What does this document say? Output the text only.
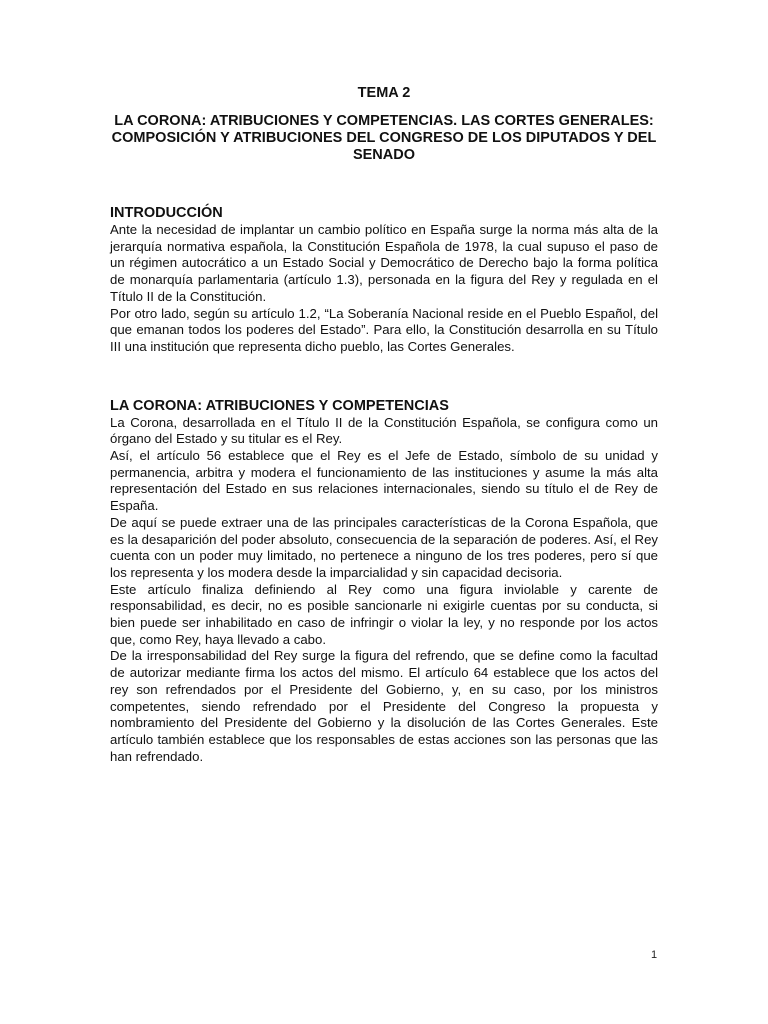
TEMA 2
LA CORONA: ATRIBUCIONES Y COMPETENCIAS. LAS CORTES GENERALES: COMPOSICIÓN Y ATRIBUCIONES DEL CONGRESO DE LOS DIPUTADOS Y DEL SENADO
INTRODUCCIÓN

Ante la necesidad de implantar un cambio político en España surge la norma más alta de la jerarquía normativa española, la Constitución Española de 1978, la cual supuso el paso de un régimen autocrático a un Estado Social y Democrático de Derecho bajo la forma política de monarquía parlamentaria (artículo 1.3), personada en la figura del Rey y regulada en el Título II de la Constitución.

Por otro lado, según su artículo 1.2, “La Soberanía Nacional reside en el Pueblo Español, del que emanan todos los poderes del Estado”. Para ello, la Constitución desarrolla en su Título III una institución que representa dicho pueblo, las Cortes Generales.

LA CORONA: ATRIBUCIONES Y COMPETENCIAS

La Corona, desarrollada en el Título II de la Constitución Española, se configura como un órgano del Estado y su titular es el Rey.

Así, el artículo 56 establece que el Rey es el Jefe de Estado, símbolo de su unidad y permanencia, arbitra y modera el funcionamiento de las instituciones y asume la más alta representación del Estado en sus relaciones internacionales, siendo su título el de Rey de España.

De aquí se puede extraer una de las principales características de la Corona Española, que es la desaparición del poder absoluto, consecuencia de la separación de poderes. Así, el Rey cuenta con un poder muy limitado, no pertenece a ninguno de los tres poderes, pero sí que los representa y los modera desde la imparcialidad y sin capacidad decisoria.

Este artículo finaliza definiendo al Rey como una figura inviolable y carente de responsabilidad, es decir, no es posible sancionarle ni exigirle cuentas por su conducta, si bien puede ser inhabilitado en caso de infringir o violar la ley, y no responde por los actos que, como Rey, haya llevado a cabo.

De la irresponsabilidad del Rey surge la figura del refrendo, que se define como la facultad de autorizar mediante firma los actos del mismo. El artículo 64 establece que los actos del rey son refrendados por el Presidente del Gobierno, y, en su caso, por los ministros competentes, siendo refrendado por el Presidente del Congreso la propuesta y nombramiento del Presidente del Gobierno y la disolución de las Cortes Generales. Este artículo también establece que los responsables de estas acciones son las personas que las han refrendado.

1
